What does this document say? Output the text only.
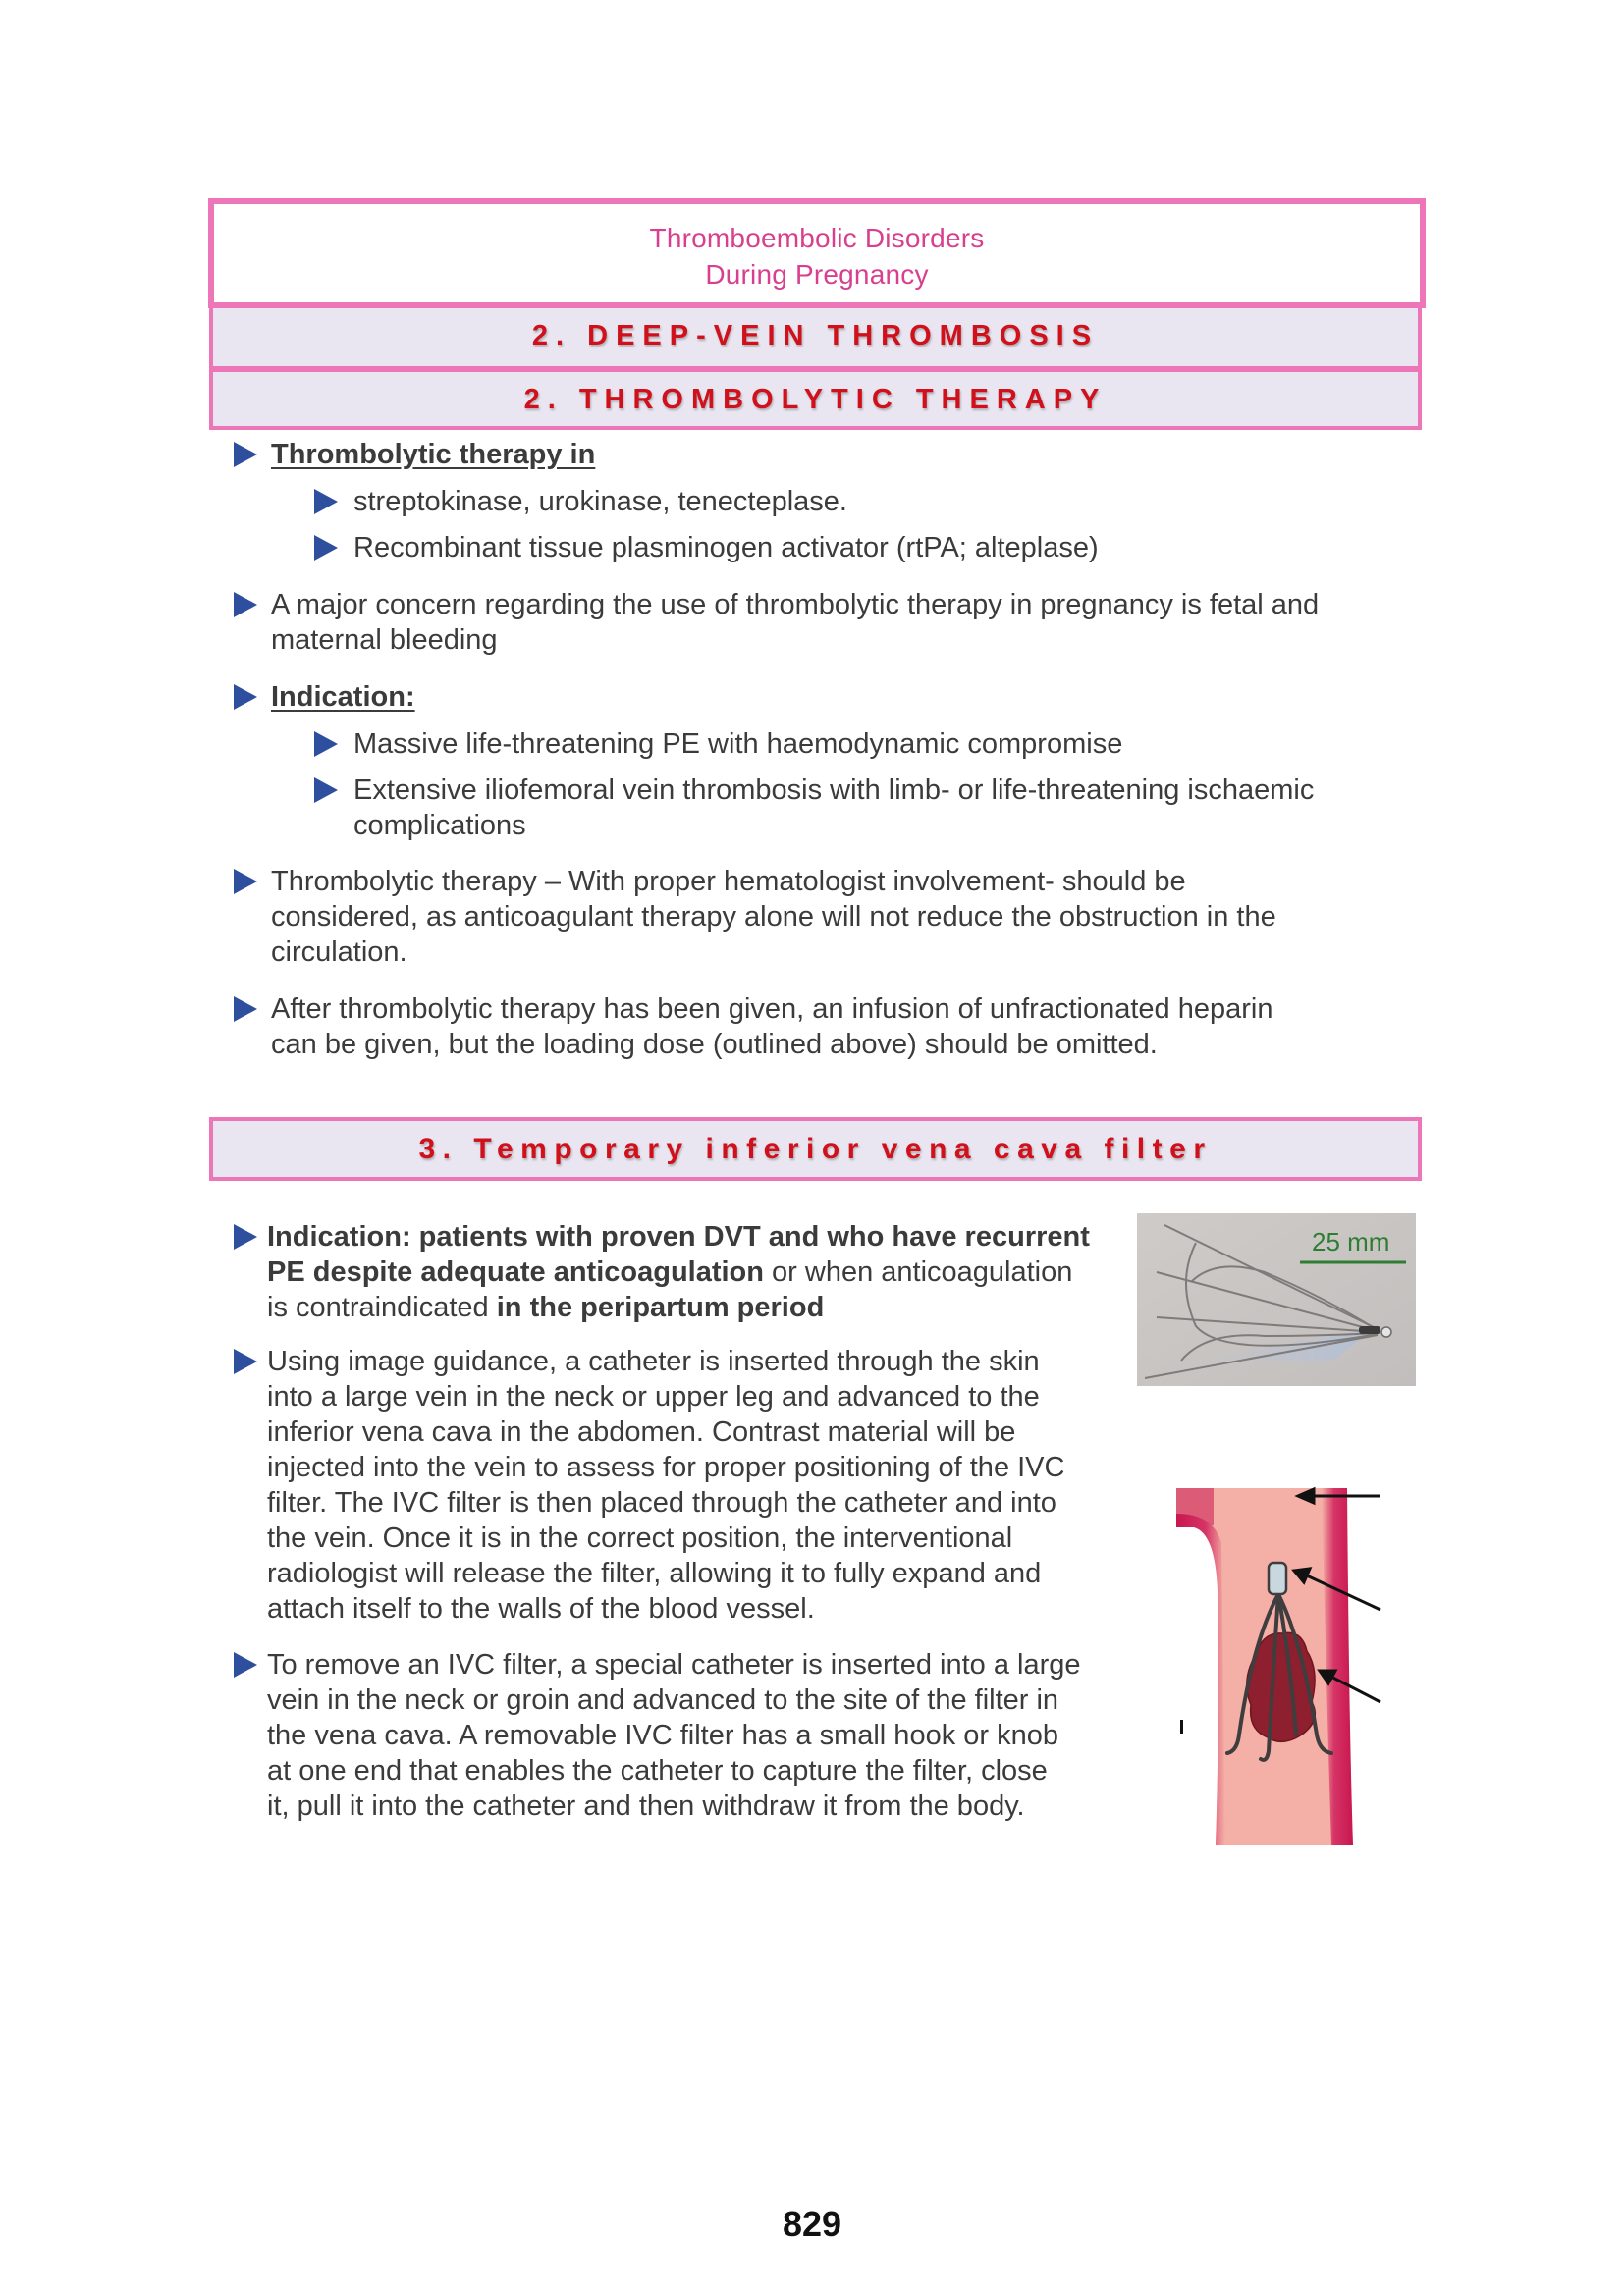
Thromboembolic Disorders
During Pregnancy
2. DEEP-VEIN THROMBOSIS
2. THROMBOLYTIC THERAPY
Thrombolytic therapy in
streptokinase, urokinase, tenecteplase.
Recombinant tissue plasminogen activator (rtPA; alteplase)
A major concern regarding the use of thrombolytic therapy in pregnancy is fetal and
maternal bleeding
Indication:
Massive life-threatening PE with haemodynamic compromise
Extensive iliofemoral vein thrombosis with limb- or life-threatening ischaemic
complications
Thrombolytic therapy – With proper hematologist involvement- should be
considered, as anticoagulant therapy alone will not reduce the obstruction in the
circulation.
After thrombolytic therapy has been given, an infusion of unfractionated heparin
can be given, but the loading dose (outlined above) should be omitted.
3. Temporary inferior vena cava filter
Indication: patients with proven DVT and who have recurrent
PE despite adequate anticoagulation or when anticoagulation
is contraindicated in the peripartum period
Using image guidance, a catheter is inserted through the skin
into a large vein in the neck or upper leg and advanced to the
inferior vena cava in the abdomen. Contrast material will be
injected into the vein to assess for proper positioning of the IVC
filter. The IVC filter is then placed through the catheter and into
the vein. Once it is in the correct position, the interventional
radiologist will release the filter, allowing it to fully expand and
attach itself to the walls of the blood vessel.
To remove an IVC filter, a special catheter is inserted into a large
vein in the neck or groin and advanced to the site of the filter in
the vena cava. A removable IVC filter has a small hook or knob
at one end that enables the catheter to capture the filter, close
it, pull it into the catheter and then withdraw it from the body.
25 mm
829
